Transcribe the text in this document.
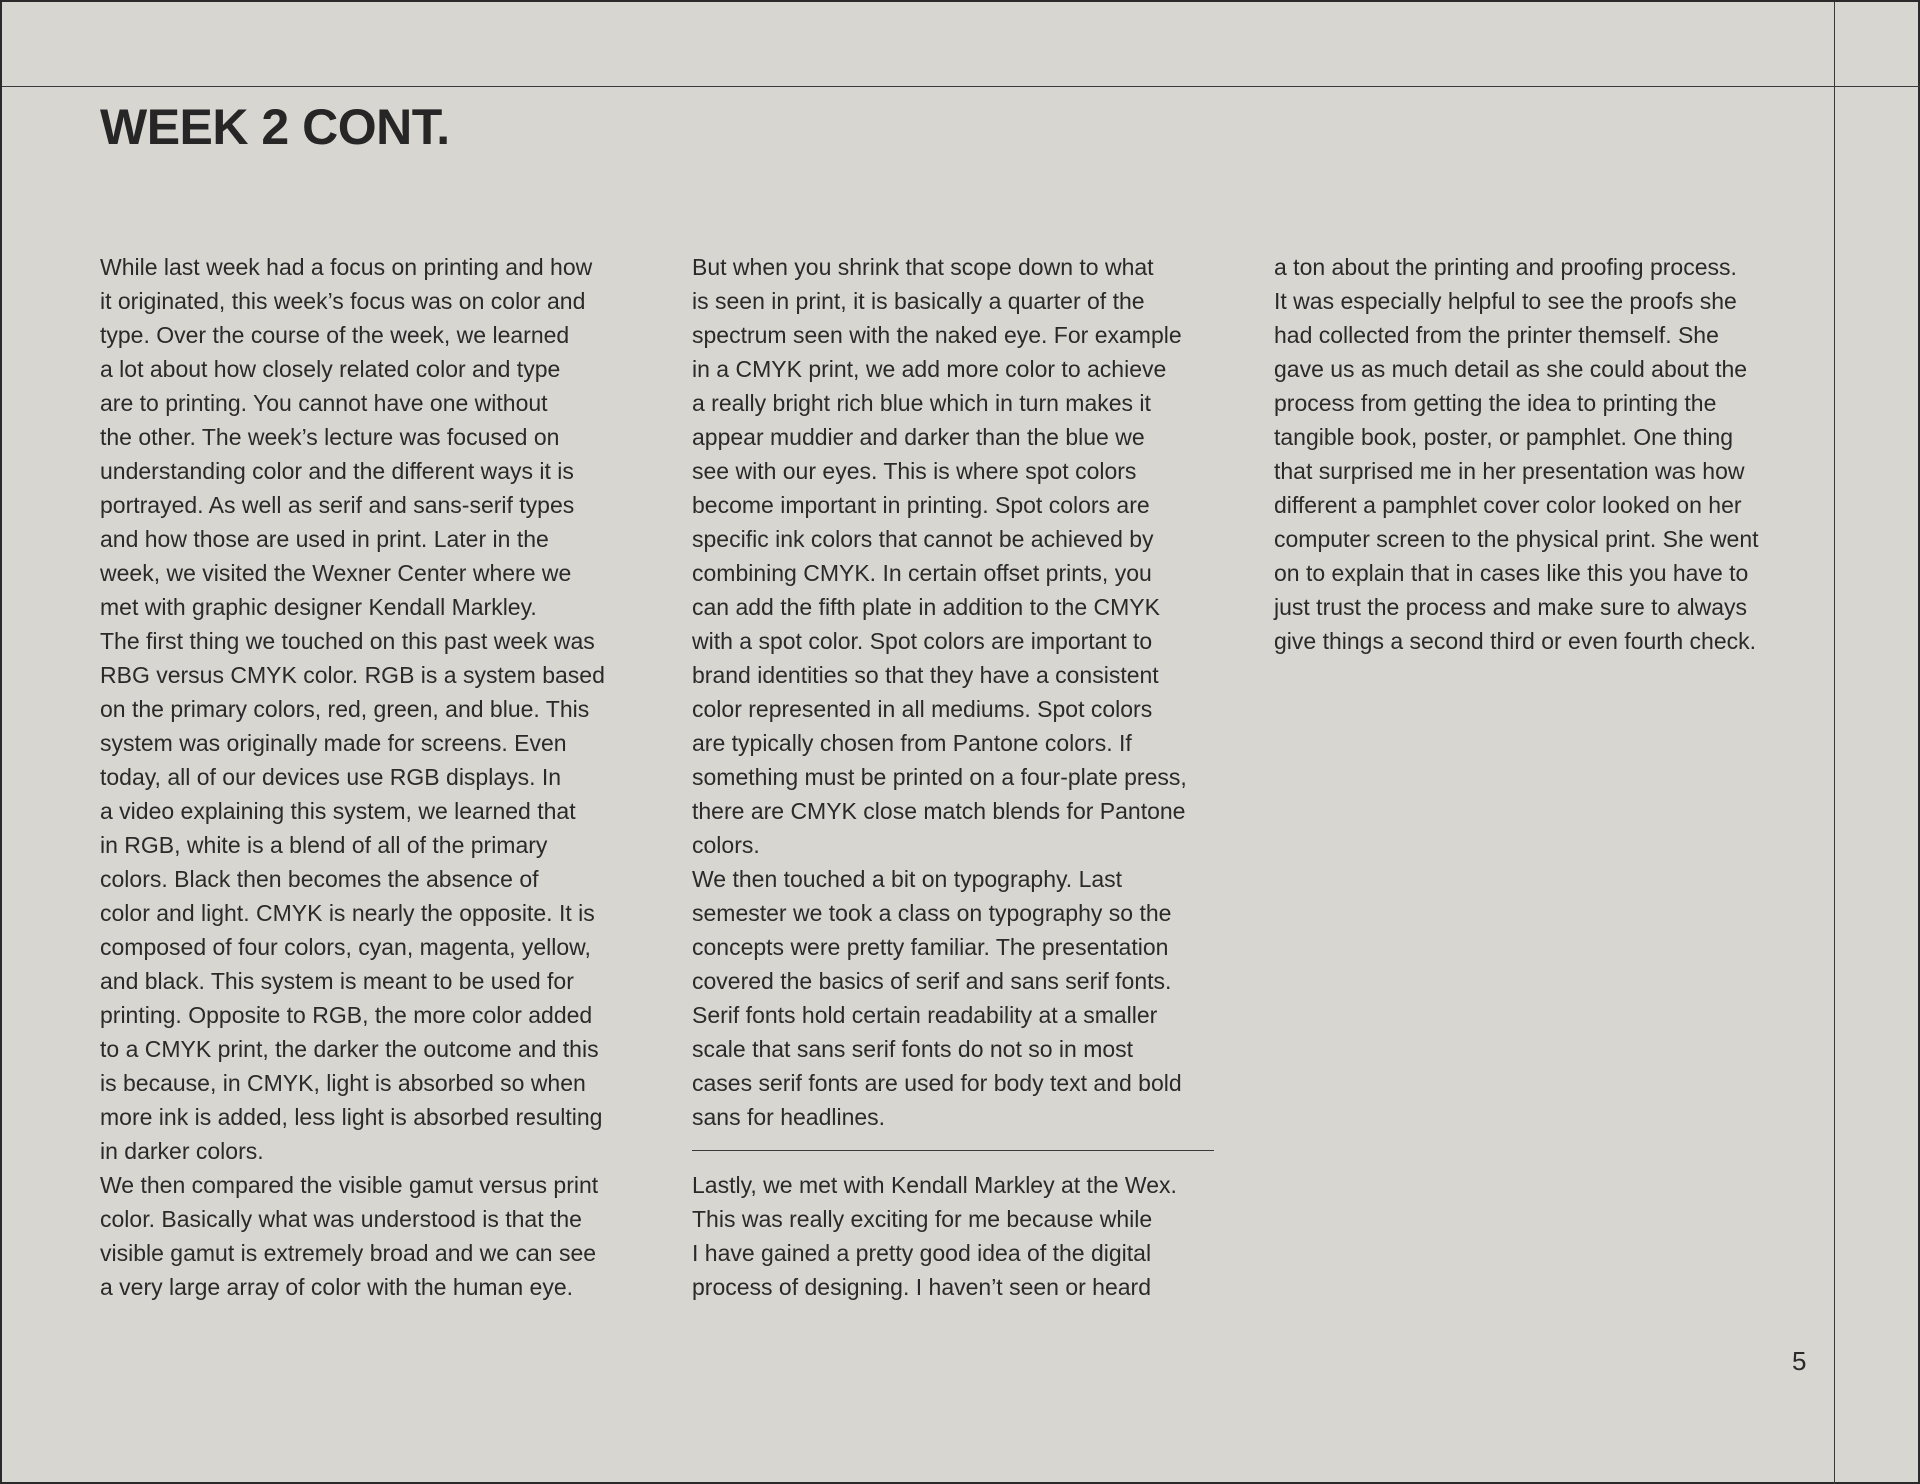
WEEK 2 CONT.
While last week had a focus on printing and how
it originated, this week’s focus was on color and
type. Over the course of the week, we learned
a lot about how closely related color and type
are to printing. You cannot have one without
the other. The week’s lecture was focused on
understanding color and the different ways it is
portrayed. As well as serif and sans-serif types
and how those are used in print. Later in the
week, we visited the Wexner Center where we
met with graphic designer Kendall Markley.
The first thing we touched on this past week was
RBG versus CMYK color. RGB is a system based
on the primary colors, red, green, and blue. This
system was originally made for screens. Even
today, all of our devices use RGB displays. In
a video explaining this system, we learned that
in RGB, white is a blend of all of the primary
colors. Black then becomes the absence of
color and light. CMYK is nearly the opposite. It is
composed of four colors, cyan, magenta, yellow,
and black. This system is meant to be used for
printing. Opposite to RGB, the more color added
to a CMYK print, the darker the outcome and this
is because, in CMYK, light is absorbed so when
more ink is added, less light is absorbed resulting
in darker colors.
We then compared the visible gamut versus print
color. Basically what was understood is that the
visible gamut is extremely broad and we can see
a very large array of color with the human eye.
But when you shrink that scope down to what
is seen in print, it is basically a quarter of the
spectrum seen with the naked eye. For example
in a CMYK print, we add more color to achieve
a really bright rich blue which in turn makes it
appear muddier and darker than the blue we
see with our eyes. This is where spot colors
become important in printing. Spot colors are
specific ink colors that cannot be achieved by
combining CMYK. In certain offset prints, you
can add the fifth plate in addition to the CMYK
with a spot color. Spot colors are important to
brand identities so that they have a consistent
color represented in all mediums. Spot colors
are typically chosen from Pantone colors. If
something must be printed on a four-plate press,
there are CMYK close match blends for Pantone
colors.
We then touched a bit on typography. Last
semester we took a class on typography so the
concepts were pretty familiar. The presentation
covered the basics of serif and sans serif fonts.
Serif fonts hold certain readability at a smaller
scale that sans serif fonts do not so in most
cases serif fonts are used for body text and bold
sans for headlines.
Lastly, we met with Kendall Markley at the Wex.
This was really exciting for me because while
I have gained a pretty good idea of the digital
process of designing. I haven’t seen or heard
a ton about the printing and proofing process.
It was especially helpful to see the proofs she
had collected from the printer themself. She
gave us as much detail as she could about the
process from getting the idea to printing the
tangible book, poster, or pamphlet. One thing
that surprised me in her presentation was how
different a pamphlet cover color looked on her
computer screen to the physical print. She went
on to explain that in cases like this you have to
just trust the process and make sure to always
give things a second third or even fourth check.
5
